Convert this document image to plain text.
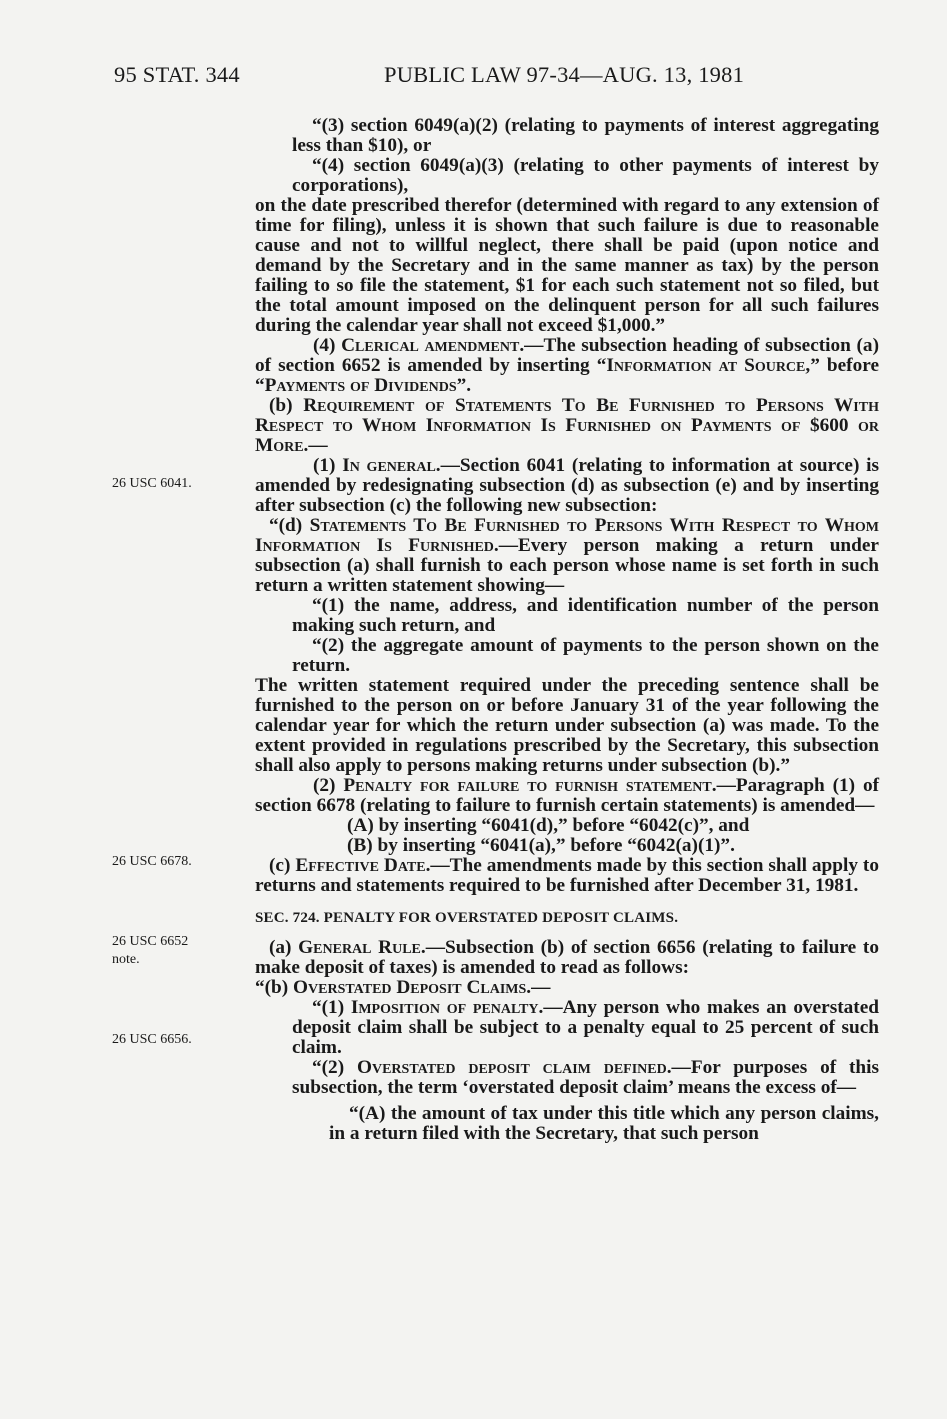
95 STAT. 344	PUBLIC LAW 97-34—AUG. 13, 1981
26 USC 6041.
26 USC 6678.
26 USC 6652
note.
26 USC 6656.

“(3) section 6049(a)(2) (relating to payments of interest aggregating less than $10), or

“(4) section 6049(a)(3) (relating to other payments of interest by corporations),

on the date prescribed therefor (determined with regard to any extension of time for filing), unless it is shown that such failure is due to reasonable cause and not to willful neglect, there shall be paid (upon notice and demand by the Secretary and in the same manner as tax) by the person failing to so file the statement, $1 for each such statement not so filed, but the total amount imposed on the delinquent person for all such failures during the calendar year shall not exceed $1,000.”

(4) Clerical amendment.—The subsection heading of subsection (a) of section 6652 is amended by inserting “Information at Source,” before “Payments of Dividends”.

(b) Requirement of Statements To Be Furnished to Persons With Respect to Whom Information Is Furnished on Payments of $600 or More.—

(1) In general.—Section 6041 (relating to information at source) is amended by redesignating subsection (d) as subsection (e) and by inserting after subsection (c) the following new subsection:

“(d) Statements To Be Furnished to Persons With Respect to Whom Information Is Furnished.—Every person making a return under subsection (a) shall furnish to each person whose name is set forth in such return a written statement showing—

“(1) the name, address, and identification number of the person making such return, and

“(2) the aggregate amount of payments to the person shown on the return.

The written statement required under the preceding sentence shall be furnished to the person on or before January 31 of the year following the calendar year for which the return under subsection (a) was made. To the extent provided in regulations prescribed by the Secretary, this subsection shall also apply to persons making returns under subsection (b).”

(2) Penalty for failure to furnish statement.—Paragraph (1) of section 6678 (relating to failure to furnish certain statements) is amended—

(A) by inserting “6041(d),” before “6042(c)”, and

(B) by inserting “6041(a),” before “6042(a)(1)”.

(c) Effective Date.—The amendments made by this section shall apply to returns and statements required to be furnished after December 31, 1981.

SEC. 724. PENALTY FOR OVERSTATED DEPOSIT CLAIMS.

(a) General Rule.—Subsection (b) of section 6656 (relating to failure to make deposit of taxes) is amended to read as follows:

“(b) Overstated Deposit Claims.—

“(1) Imposition of penalty.—Any person who makes an overstated deposit claim shall be subject to a penalty equal to 25 percent of such claim.

“(2) Overstated deposit claim defined.—For purposes of this subsection, the term ‘overstated deposit claim’ means the excess of—

“(A) the amount of tax under this title which any person claims, in a return filed with the Secretary, that such person
